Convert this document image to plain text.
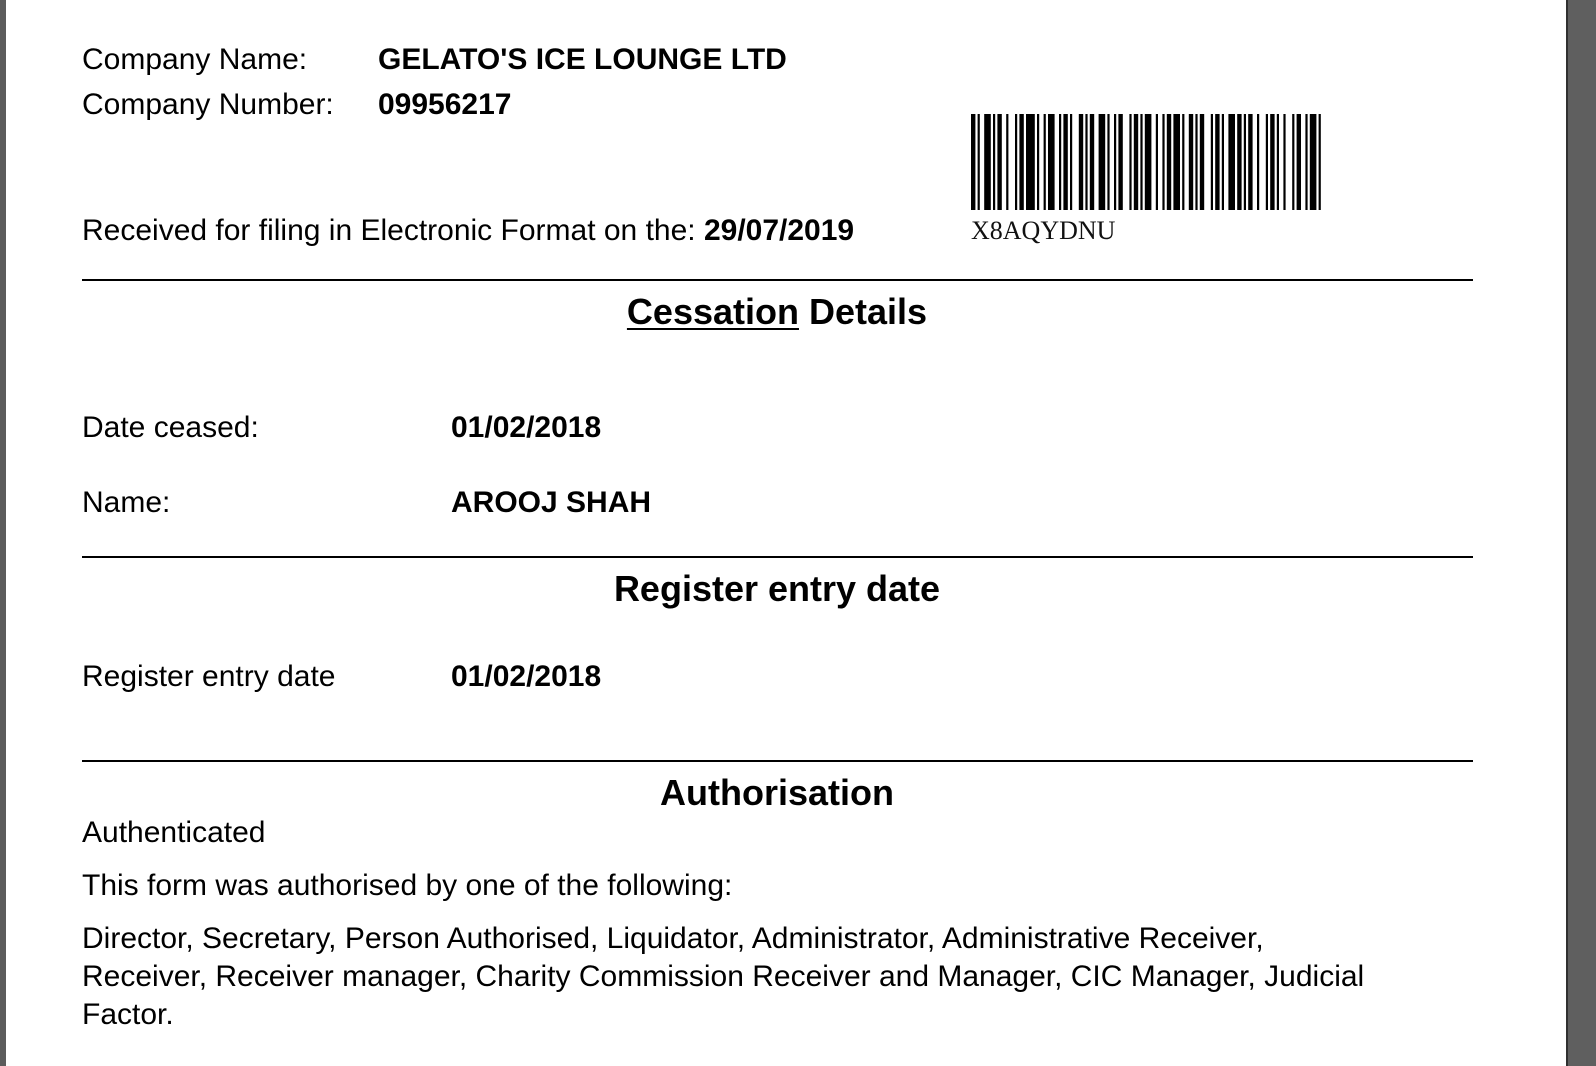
Company Name: GELATO'S ICE LOUNGE LTD
Company Number: 09956217
Received for filing in Electronic Format on the: 29/07/2019	X8AQYDNU
Cessation Details
Date ceased:	01/02/2018
Name:	AROOJ SHAH
Register entry date
Register entry date	01/02/2018
Authorisation
Authenticated
This form was authorised by one of the following:
Director, Secretary, Person Authorised, Liquidator, Administrator, Administrative Receiver,
Receiver, Receiver manager, Charity Commission Receiver and Manager, CIC Manager, Judicial
Factor.
